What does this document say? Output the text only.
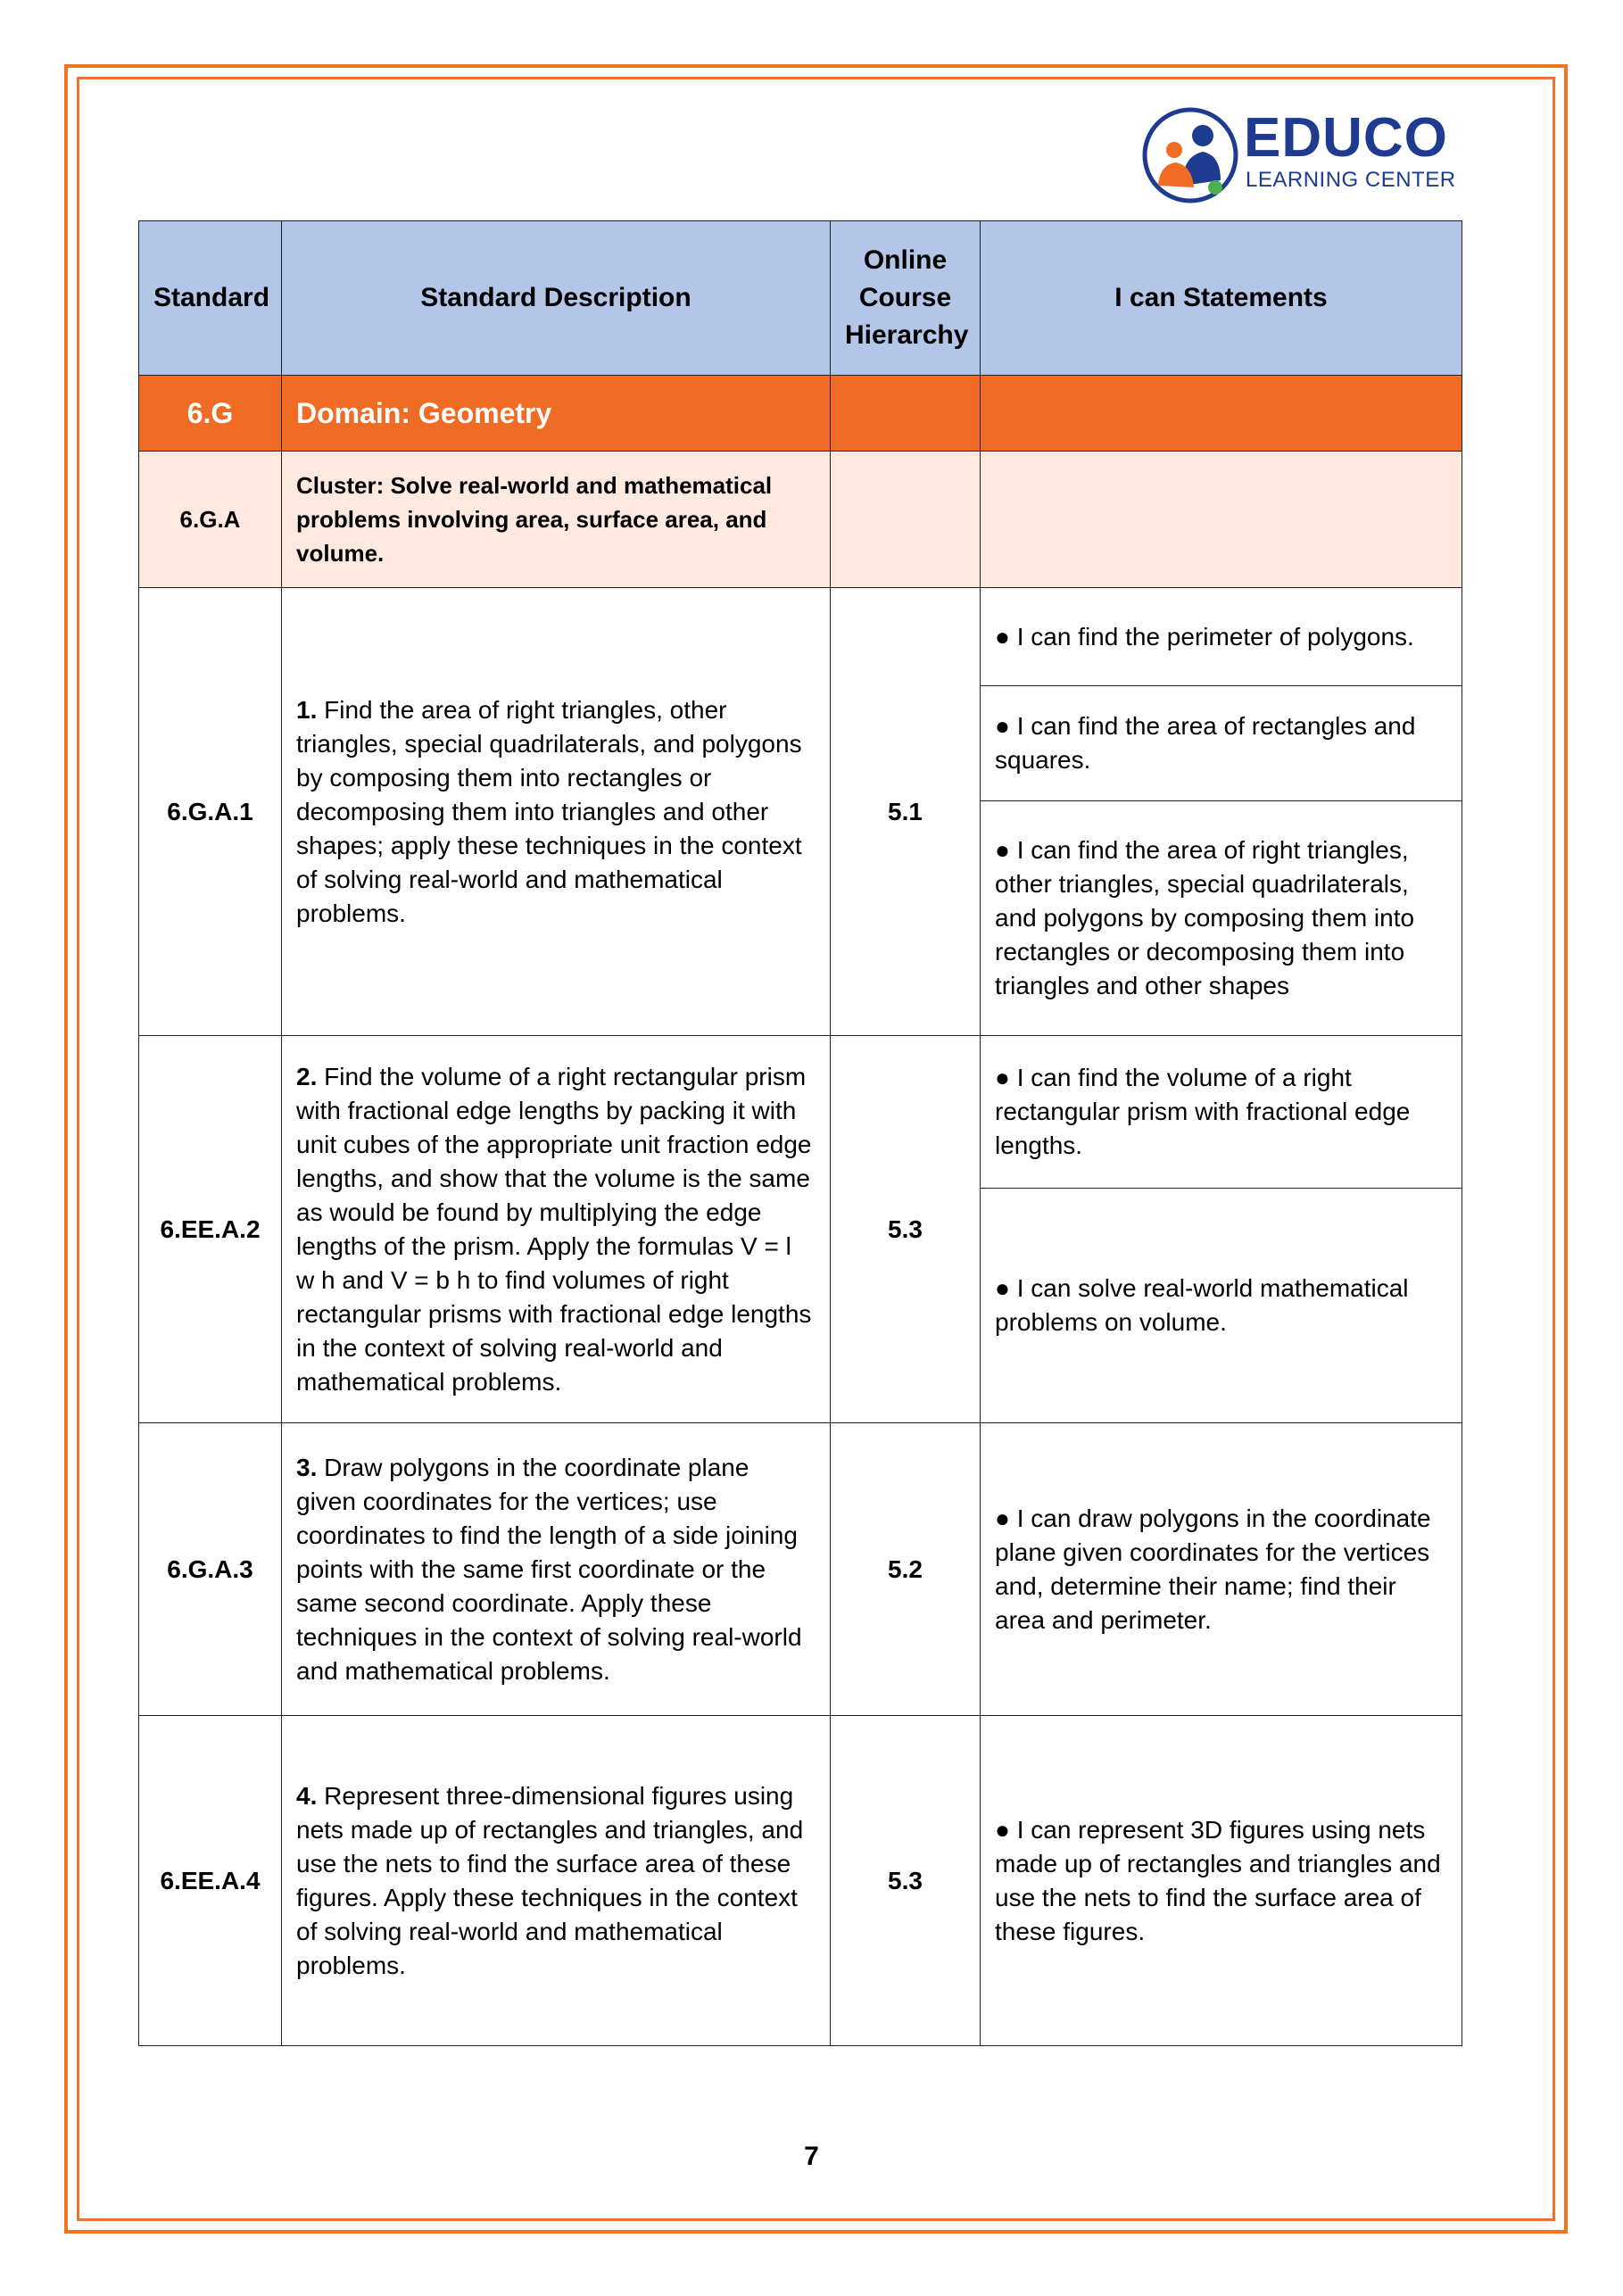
EDUCO
LEARNING CENTER
Standard	Standard Description	Online Course Hierarchy	I can Statements
6.G	Domain: Geometry		
6.G.A	Cluster: Solve real-world and mathematical problems involving area, surface area, and volume.		
6.G.A.1	1. Find the area of right triangles, other triangles, special quadrilaterals, and polygons by composing them into rectangles or decomposing them into triangles and other shapes; apply these techniques in the context of solving real-world and mathematical problems.	5.1	● I can find the perimeter of polygons.
			● I can find the area of rectangles and squares.
			● I can find the area of right triangles, other triangles, special quadrilaterals, and polygons by composing them into rectangles or decomposing them into triangles and other shapes
6.EE.A.2	2. Find the volume of a right rectangular prism with fractional edge lengths by packing it with unit cubes of the appropriate unit fraction edge lengths, and show that the volume is the same as would be found by multiplying the edge lengths of the prism. Apply the formulas V = l w h and V = b h to find volumes of right rectangular prisms with fractional edge lengths in the context of solving real-world and mathematical problems.	5.3	● I can find the volume of a right rectangular prism with fractional edge lengths.
			● I can solve real-world mathematical problems on volume.
6.G.A.3	3. Draw polygons in the coordinate plane given coordinates for the vertices; use coordinates to find the length of a side joining points with the same first coordinate or the same second coordinate. Apply these techniques in the context of solving real-world and mathematical problems.	5.2	● I can draw polygons in the coordinate plane given coordinates for the vertices and, determine their name; find their area and perimeter.
6.EE.A.4	4. Represent three-dimensional figures using nets made up of rectangles and triangles, and use the nets to find the surface area of these figures. Apply these techniques in the context of solving real-world and mathematical problems.	5.3	● I can represent 3D figures using nets made up of rectangles and triangles and use the nets to find the surface area of these figures.
7
